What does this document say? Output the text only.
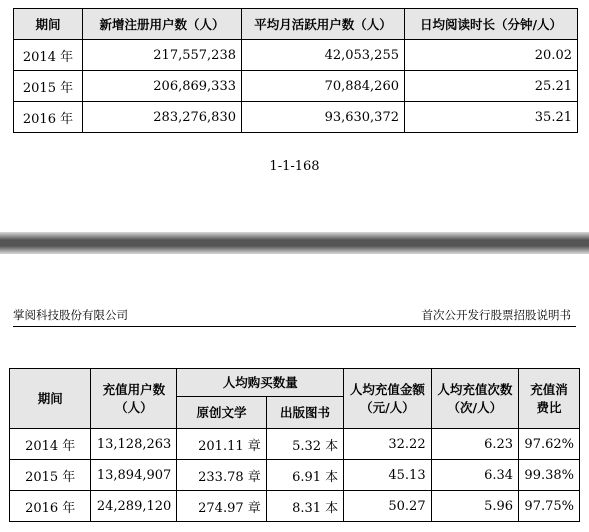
期间	新增注册用户数（人）	平均月活跃用户数（人）	日均阅读时长（分钟/人）
2014 年	217,557,238	42,053,255	20.02
2015 年	206,869,333	70,884,260	25.21
2016 年	283,276,830	93,630,372	35.21
1-1-168
掌阅科技股份有限公司	首次公开发行股票招股说明书
期间	充值用户数（人）	人均购买数量		人均充值金额（元/人）	人均充值次数（次/人）	充值消费比
		原创文学	出版图书			
2014 年	13,128,263	201.11 章	5.32 本	32.22	6.23	97.62%
2015 年	13,894,907	233.78 章	6.91 本	45.13	6.34	99.38%
2016 年	24,289,120	274.97 章	8.31 本	50.27	5.96	97.75%
